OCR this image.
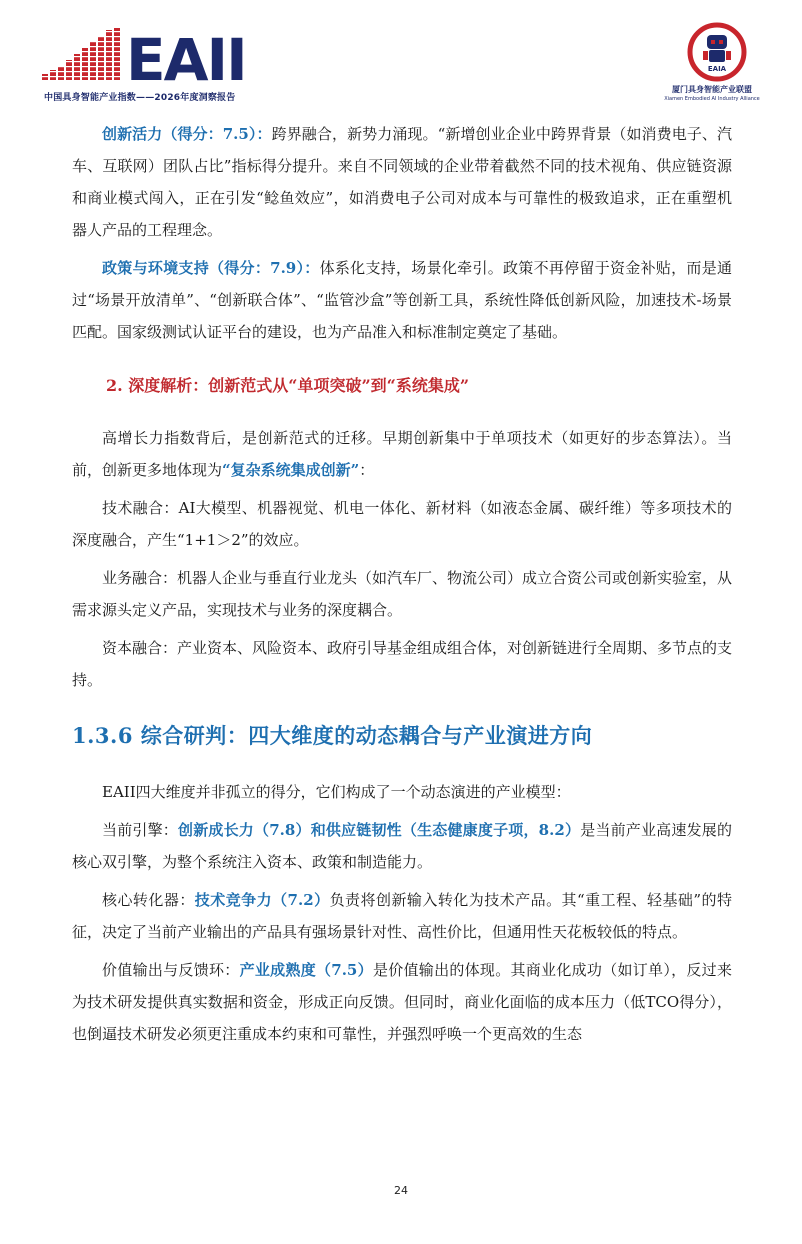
EAII
中国具身智能产业指数——2026年度洞察报告
EAIA
厦门具身智能产业联盟
Xiamen Embodied AI Industry Alliance

创新活力（得分：7.5）：跨界融合，新势力涌现。“新增创业企业中跨界背景（如消费电子、汽车、互联网）团队占比”指标得分提升。来自不同领域的企业带着截然不同的技术视角、供应链资源和商业模式闯入，正在引发“鲶鱼效应”，如消费电子公司对成本与可靠性的极致追求，正在重塑机器人产品的工程理念。

政策与环境支持（得分：7.9）：体系化支持，场景化牵引。政策不再停留于资金补贴，而是通过“场景开放清单”、“创新联合体”、“监管沙盒”等创新工具，系统性降低创新风险，加速技术-场景匹配。国家级测试认证平台的建设，也为产品准入和标准制定奠定了基础。

2. 深度解析：创新范式从“单项突破”到“系统集成”

高增长力指数背后，是创新范式的迁移。早期创新集中于单项技术（如更好的步态算法）。当前，创新更多地体现为“复杂系统集成创新”：

技术融合：AI大模型、机器视觉、机电一体化、新材料（如液态金属、碳纤维）等多项技术的深度融合，产生“1+1＞2”的效应。

业务融合：机器人企业与垂直行业龙头（如汽车厂、物流公司）成立合资公司或创新实验室，从需求源头定义产品，实现技术与业务的深度耦合。

资本融合：产业资本、风险资本、政府引导基金组成组合体，对创新链进行全周期、多节点的支持。

1.3.6 综合研判：四大维度的动态耦合与产业演进方向

EAII四大维度并非孤立的得分，它们构成了一个动态演进的产业模型：

当前引擎：创新成长力（7.8）和供应链韧性（生态健康度子项，8.2）是当前产业高速发展的核心双引擎，为整个系统注入资本、政策和制造能力。

核心转化器：技术竞争力（7.2）负责将创新输入转化为技术产品。其“重工程、轻基础”的特征，决定了当前产业输出的产品具有强场景针对性、高性价比，但通用性天花板较低的特点。

价值输出与反馈环：产业成熟度（7.5）是价值输出的体现。其商业化成功（如订单），反过来为技术研发提供真实数据和资金，形成正向反馈。但同时，商业化面临的成本压力（低TCO得分），也倒逼技术研发必须更注重成本约束和可靠性，并强烈呼唤一个更高效的生态

24
